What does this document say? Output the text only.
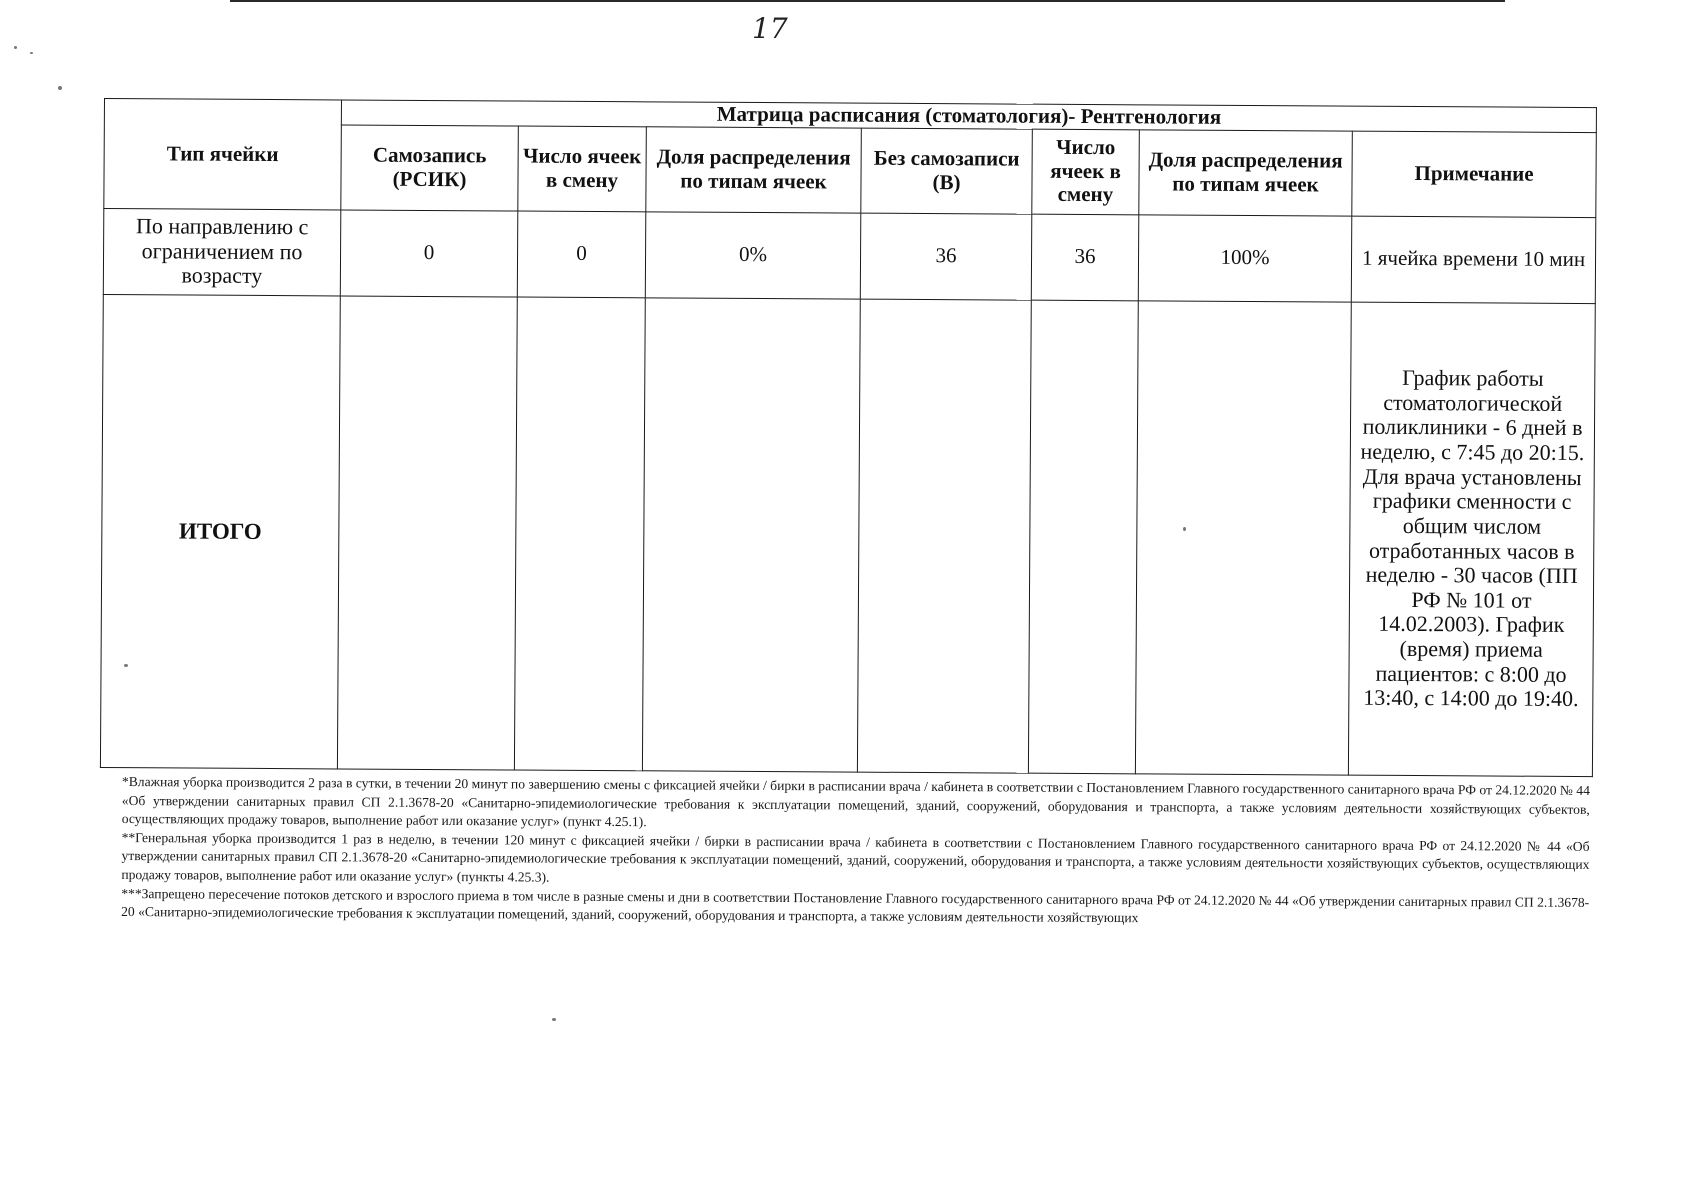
17
Тип ячейки	Матрица расписания (стоматология)- Рентгенология						
	Самозапись (РСИК)	Число ячеек в смену	Доля распределения по типам ячеек	Без самозаписи (В)	Число ячеек в смену	Доля распределения по типам ячеек	Примечание
По направлению с ограничением по возрасту	0	0	0%	36	36	100%	1 ячейка времени 10 мин
ИТОГО							График работы стоматологической поликлиники - 6 дней в неделю, с 7:45 до 20:15. Для врача установлены графики сменности с общим числом отработанных часов в неделю - 30 часов (ПП РФ № 101 от 14.02.2003). График (время) приема пациентов: с 8:00 до 13:40, с 14:00 до 19:40.

*Влажная уборка производится 2 раза в сутки, в течении 20 минут по завершению смены с фиксацией ячейки / бирки в расписании врача / кабинета в соответствии с Постановлением Главного государственного санитарного врача РФ от 24.12.2020 № 44 «Об утверждении санитарных правил СП 2.1.3678-20 «Санитарно-эпидемиологические требования к эксплуатации помещений, зданий, сооружений, оборудования и транспорта, а также условиям деятельности хозяйствующих субъектов, осуществляющих продажу товаров, выполнение работ или оказание услуг» (пункт 4.25.1).

**Генеральная уборка производится 1 раз в неделю, в течении 120 минут с фиксацией ячейки / бирки в расписании врача / кабинета в соответствии с Постановлением Главного государственного санитарного врача РФ от 24.12.2020 № 44 «Об утверждении санитарных правил СП 2.1.3678-20 «Санитарно-эпидемиологические требования к эксплуатации помещений, зданий, сооружений, оборудования и транспорта, а также условиям деятельности хозяйствующих субъектов, осуществляющих продажу товаров, выполнение работ или оказание услуг» (пункты 4.25.3).

***Запрещено пересечение потоков детского и взрослого приема в том числе в разные смены и дни в соответствии Постановление Главного государственного санитарного врача РФ от 24.12.2020 № 44 «Об утверждении санитарных правил СП 2.1.3678-20 «Санитарно-эпидемиологические требования к эксплуатации помещений, зданий, сооружений, оборудования и транспорта, а также условиям деятельности хозяйствующих
